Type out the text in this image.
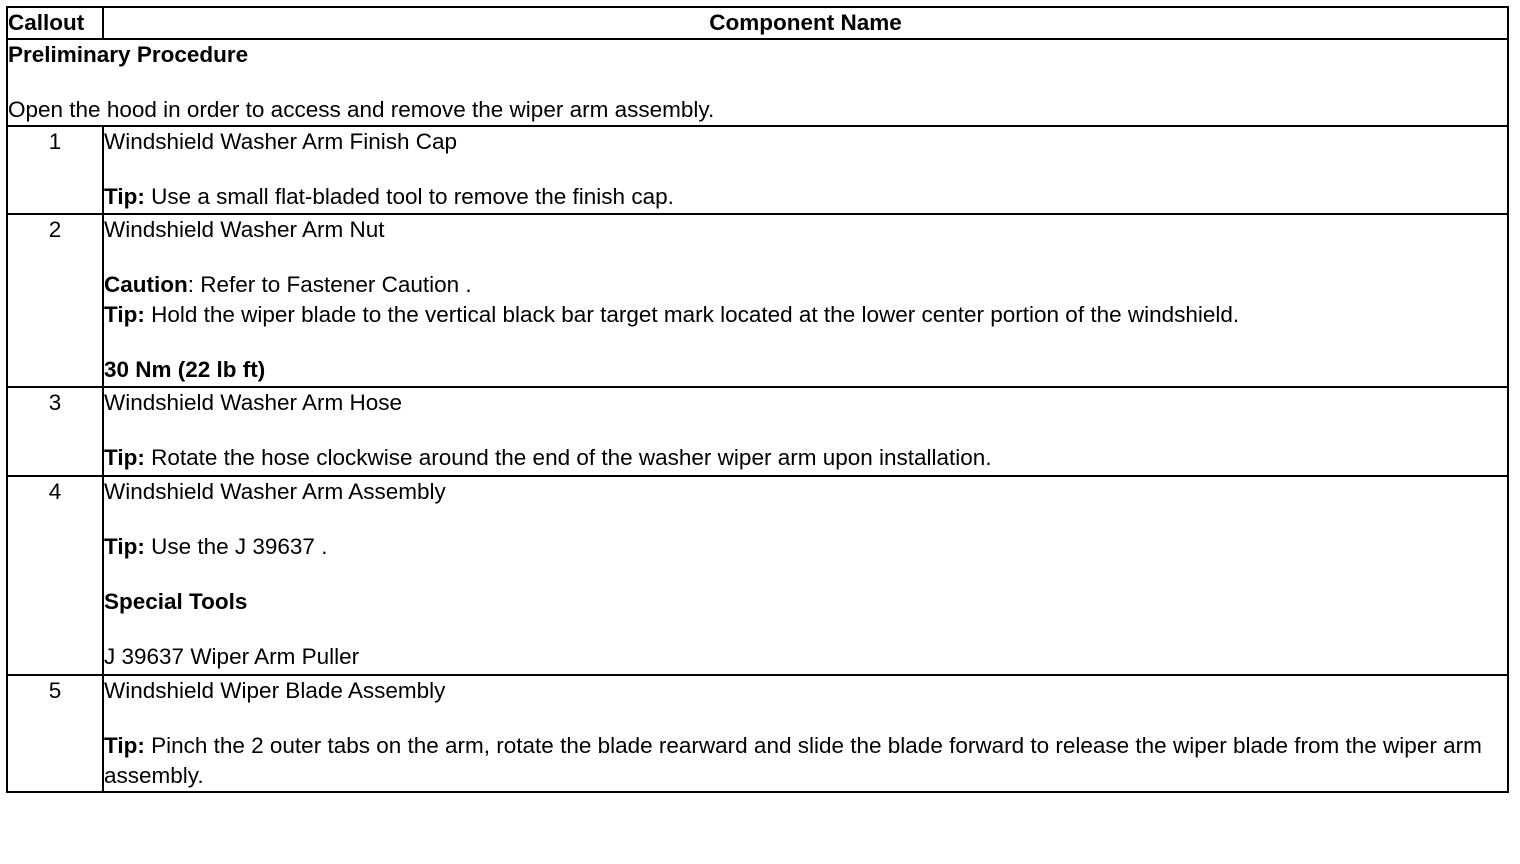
Callout	Component Name

Preliminary Procedure

Open the hood in order to access and remove the wiper arm assembly.	

1	Windshield Washer Arm Finish Cap

Tip: Use a small flat-bladed tool to remove the finish cap.

2	Windshield Washer Arm Nut

Caution: Refer to Fastener Caution .

Tip: Hold the wiper blade to the vertical black bar target mark located at the lower center portion of the windshield.

30 Nm (22 lb ft)

3	Windshield Washer Arm Hose

Tip: Rotate the hose clockwise around the end of the washer wiper arm upon installation.

4	Windshield Washer Arm Assembly

Tip: Use the J 39637 .

Special Tools

J 39637 Wiper Arm Puller

5	Windshield Wiper Blade Assembly

Tip: Pinch the 2 outer tabs on the arm, rotate the blade rearward and slide the blade forward to release the wiper blade from the wiper arm assembly.
